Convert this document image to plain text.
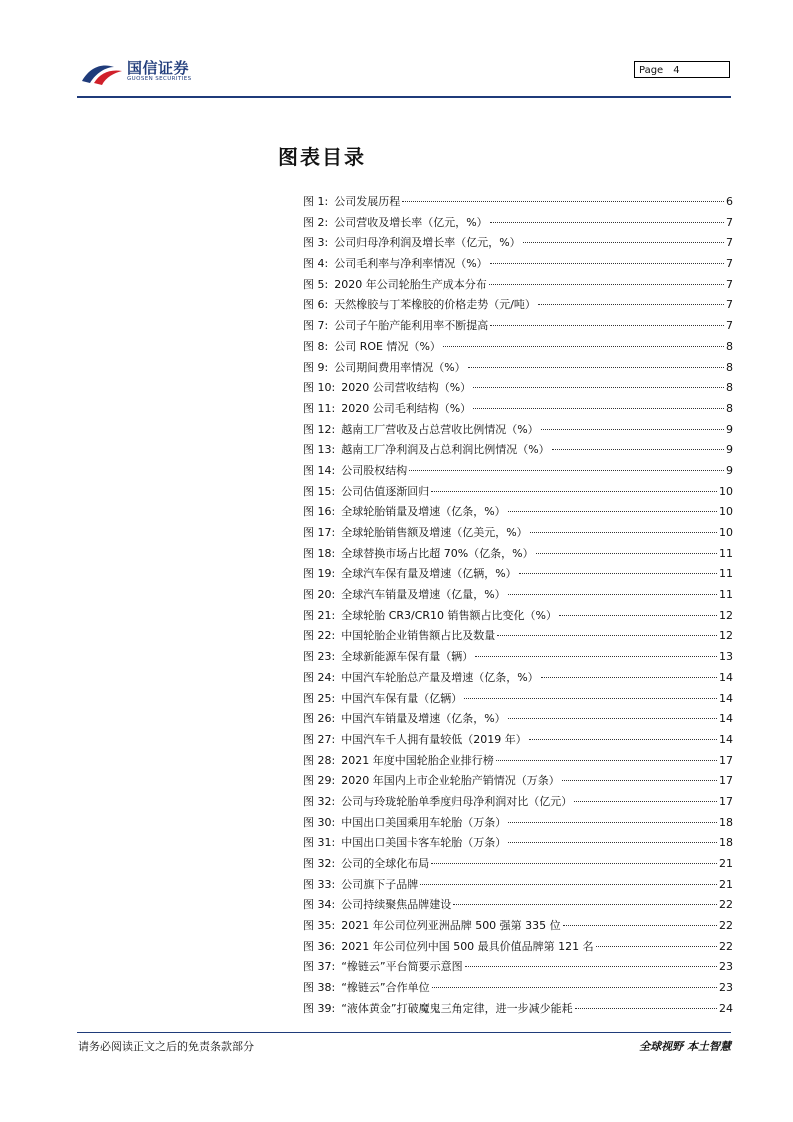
国信证券
GUOSEN SECURITIES
Page 4
图表目录
图 1: 公司发展历程	6
图 2: 公司营收及增长率（亿元，%）	7
图 3: 公司归母净利润及增长率（亿元，%）	7
图 4: 公司毛利率与净利率情况（%）	7
图 5: 2020 年公司轮胎生产成本分布	7
图 6: 天然橡胶与丁苯橡胶的价格走势（元/吨）	7
图 7: 公司子午胎产能利用率不断提高	7
图 8: 公司 ROE 情况（%）	8
图 9: 公司期间费用率情况（%）	8
图 10: 2020 公司营收结构（%）	8
图 11: 2020 公司毛利结构（%）	8
图 12: 越南工厂营收及占总营收比例情况（%）	9
图 13: 越南工厂净利润及占总利润比例情况（%）	9
图 14: 公司股权结构	9
图 15: 公司估值逐渐回归	10
图 16: 全球轮胎销量及增速（亿条，%）	10
图 17: 全球轮胎销售额及增速（亿美元，%）	10
图 18: 全球替换市场占比超 70%（亿条，%）	11
图 19: 全球汽车保有量及增速（亿辆，%）	11
图 20: 全球汽车销量及增速（亿量，%）	11
图 21: 全球轮胎 CR3/CR10 销售额占比变化（%）	12
图 22: 中国轮胎企业销售额占比及数量	12
图 23: 全球新能源车保有量（辆）	13
图 24: 中国汽车轮胎总产量及增速（亿条，%）	14
图 25: 中国汽车保有量（亿辆）	14
图 26: 中国汽车销量及增速（亿条，%）	14
图 27: 中国汽车千人拥有量较低（2019 年）	14
图 28: 2021 年度中国轮胎企业排行榜	17
图 29: 2020 年国内上市企业轮胎产销情况（万条）	17
图 32: 公司与玲珑轮胎单季度归母净利润对比（亿元）	17
图 30: 中国出口美国乘用车轮胎（万条）	18
图 31: 中国出口美国卡客车轮胎（万条）	18
图 32: 公司的全球化布局	21
图 33: 公司旗下子品牌	21
图 34: 公司持续聚焦品牌建设	22
图 35: 2021 年公司位列亚洲品牌 500 强第 335 位	22
图 36: 2021 年公司位列中国 500 最具价值品牌第 121 名	22
图 37: “橡链云”平台简要示意图	23
图 38: “橡链云”合作单位	23
图 39: “液体黄金”打破魔鬼三角定律，进一步减少能耗	24
请务必阅读正文之后的免责条款部分	全球视野 本土智慧
